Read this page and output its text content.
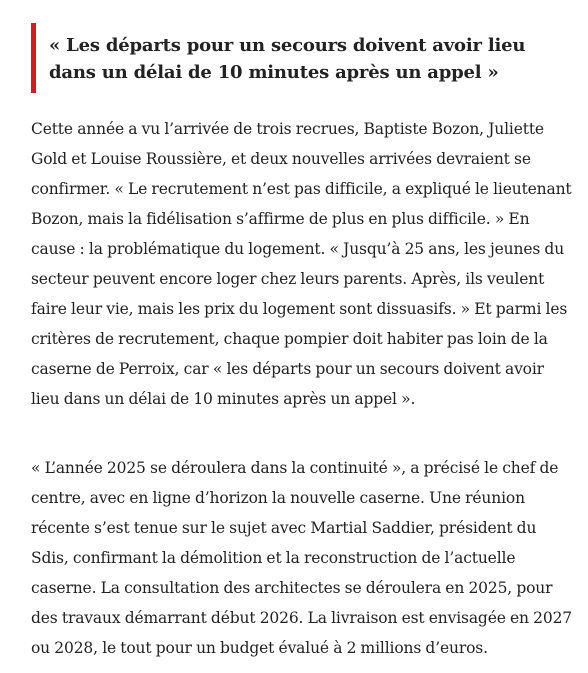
« Les départs pour un secours doivent avoir lieu dans un délai de 10 minutes après un appel »

Cette année a vu l’arrivée de trois recrues, Baptiste Bozon, Juliette Gold et Louise Roussière, et deux nouvelles arrivées devraient se confirmer. « Le recrutement n’est pas difficile, a expliqué le lieutenant Bozon, mais la fidélisation s’affirme de plus en plus difficile. » En cause : la problématique du logement. « Jusqu’à 25 ans, les jeunes du secteur peuvent encore loger chez leurs parents. Après, ils veulent faire leur vie, mais les prix du logement sont dissuasifs. » Et parmi les critères de recrutement, chaque pompier doit habiter pas loin de la caserne de Perroix, car « les départs pour un secours doivent avoir lieu dans un délai de 10 minutes après un appel ».

« L’année 2025 se déroulera dans la continuité », a précisé le chef de centre, avec en ligne d’horizon la nouvelle caserne. Une réunion récente s’est tenue sur le sujet avec Martial Saddier, président du Sdis, confirmant la démolition et la reconstruction de l’actuelle caserne. La consultation des architectes se déroulera en 2025, pour des travaux démarrant début 2026. La livraison est envisagée en 2027 ou 2028, le tout pour un budget évalué à 2 millions d’euros.
